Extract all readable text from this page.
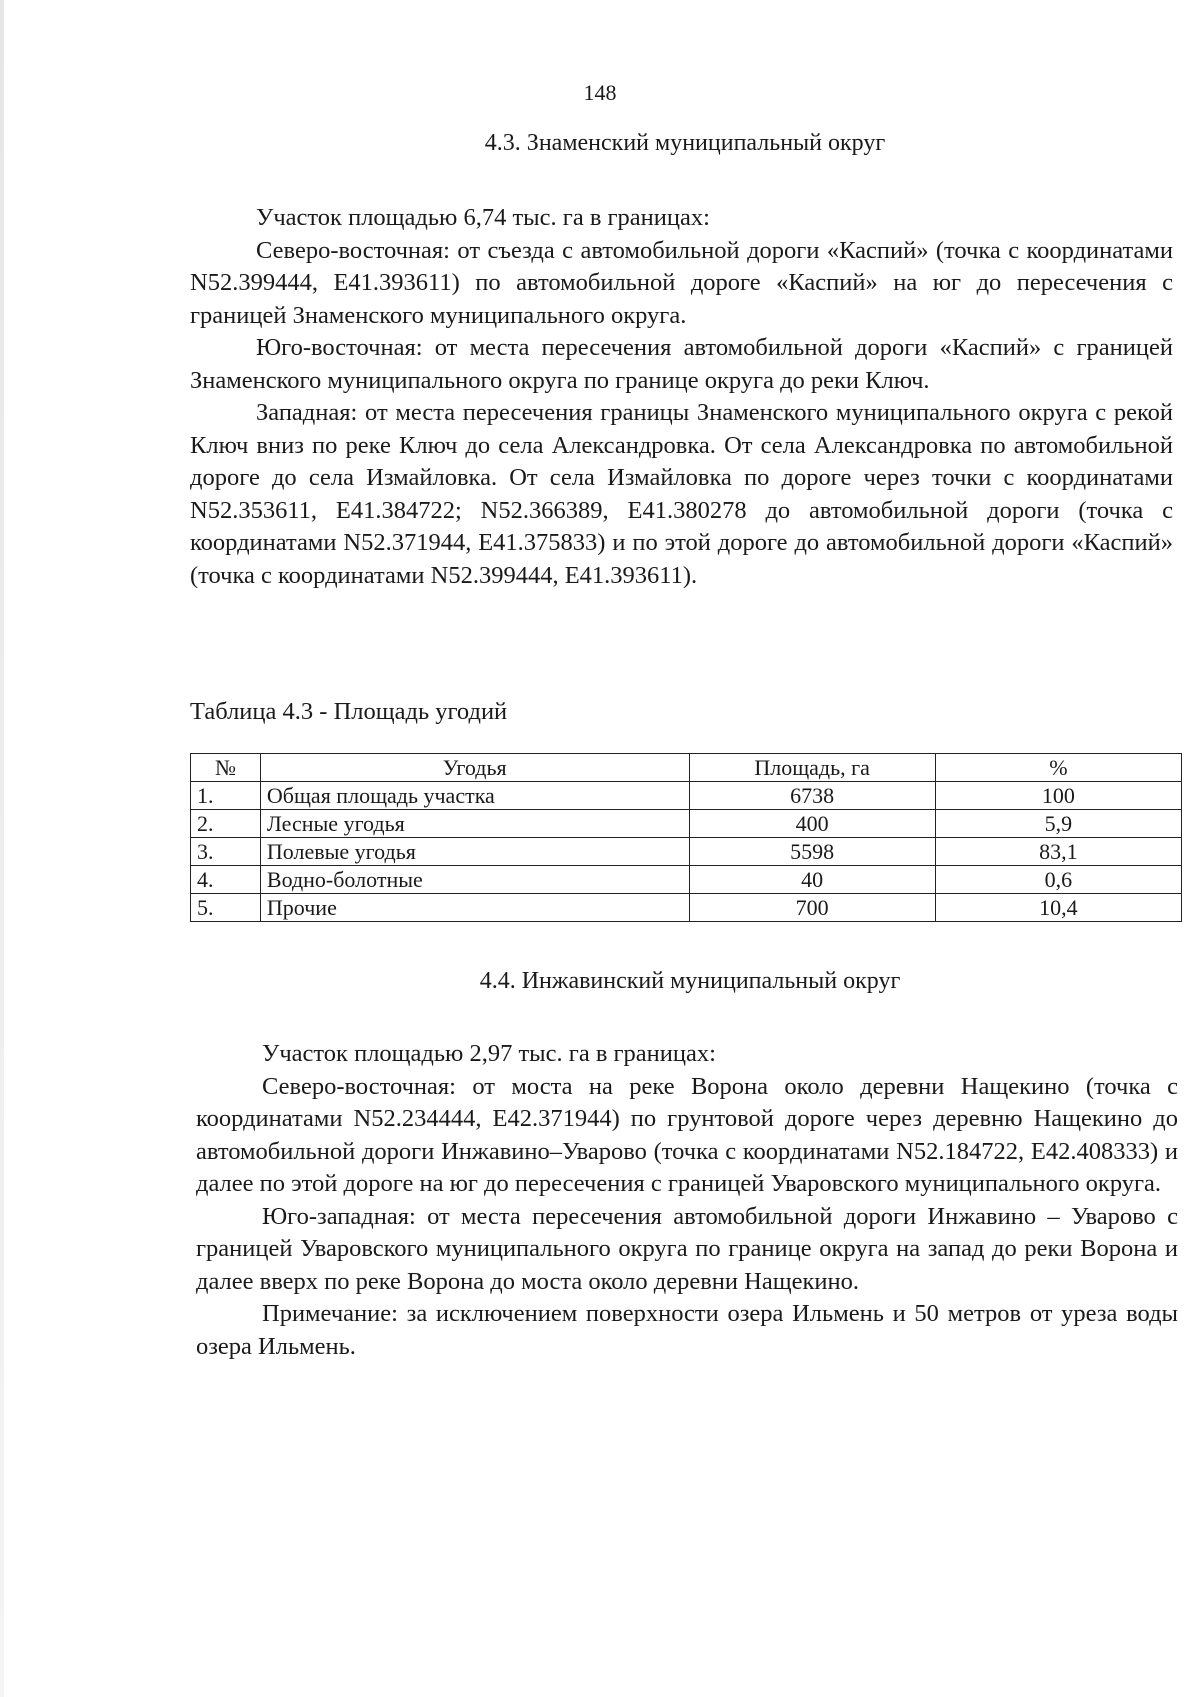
148
4.3. Знаменский муниципальный округ

Участок площадью 6,74 тыс. га в границах:

Северо-восточная: от съезда с автомобильной дороги «Каспий» (точка с координатами N52.399444, E41.393611) по автомобильной дороге «Каспий» на юг до пересечения с границей Знаменского муниципального округа.

Юго-восточная: от места пересечения автомобильной дороги «Каспий» с границей Знаменского муниципального округа по границе округа до реки Ключ.

Западная: от места пересечения границы Знаменского муниципального округа с рекой Ключ вниз по реке Ключ до села Александровка. От села Александровка по автомобильной дороге до села Измайловка. От села Измайловка по дороге через точки с координатами N52.353611, E41.384722; N52.366389, E41.380278 до автомобильной дороги (точка с координатами N52.371944, E41.375833) и по этой дороге до автомобильной дороги «Каспий» (точка с координатами N52.399444, E41.393611).

Таблица 4.3 - Площадь угодий
№	Угодья	Площадь, га	%
1.	Общая площадь участка	6738	100
2.	Лесные угодья	400	5,9
3.	Полевые угодья	5598	83,1
4.	Водно-болотные	40	0,6
5.	Прочие	700	10,4
4.4. Инжавинский муниципальный округ

Участок площадью 2,97 тыс. га в границах:

Северо-восточная: от моста на реке Ворона около деревни Нащекино (точка с координатами N52.234444, E42.371944) по грунтовой дороге через деревню Нащекино до автомобильной дороги Инжавино–Уварово (точка с координатами N52.184722, E42.408333) и далее по этой дороге на юг до пересечения с границей Уваровского муниципального округа.

Юго-западная: от места пересечения автомобильной дороги Инжавино – Уварово с границей Уваровского муниципального округа по границе округа на запад до реки Ворона и далее вверх по реке Ворона до моста около деревни Нащекино.

Примечание: за исключением поверхности озера Ильмень и 50 метров от уреза воды озера Ильмень.
